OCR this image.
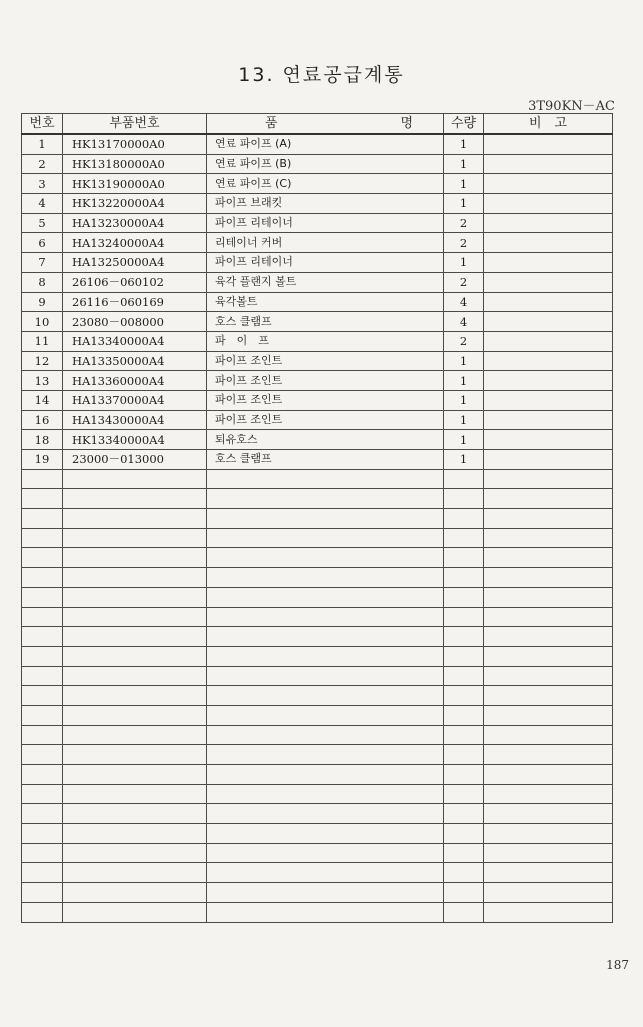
13. 연료공급계통
3T90KN－AC
번호	부품번호	품 명	수량	비　고
1	HK13170000A0	연료 파이프 (A)	1	
2	HK13180000A0	연료 파이프 (B)	1	
3	HK13190000A0	연료 파이프 (C)	1	
4	HK13220000A4	파이프 브래킷	1	
5	HA13230000A4	파이프 리테이너	2	
6	HA13240000A4	리테이너 커버	2	
7	HA13250000A4	파이프 리테이너	1	
8	26106－060102	육각 플랜지 볼트	2	
9	26116－060169	육각볼트	4	
10	23080－008000	호스 클램프	4	
11	HA13340000A4	파　이　프	2	
12	HA13350000A4	파이프 조인트	1	
13	HA13360000A4	파이프 조인트	1	
14	HA13370000A4	파이프 조인트	1	
16	HA13430000A4	파이프 조인트	1	
18	HK13340000A4	퇴유호스	1	
19	23000－013000	호스 클램프	1	

187
